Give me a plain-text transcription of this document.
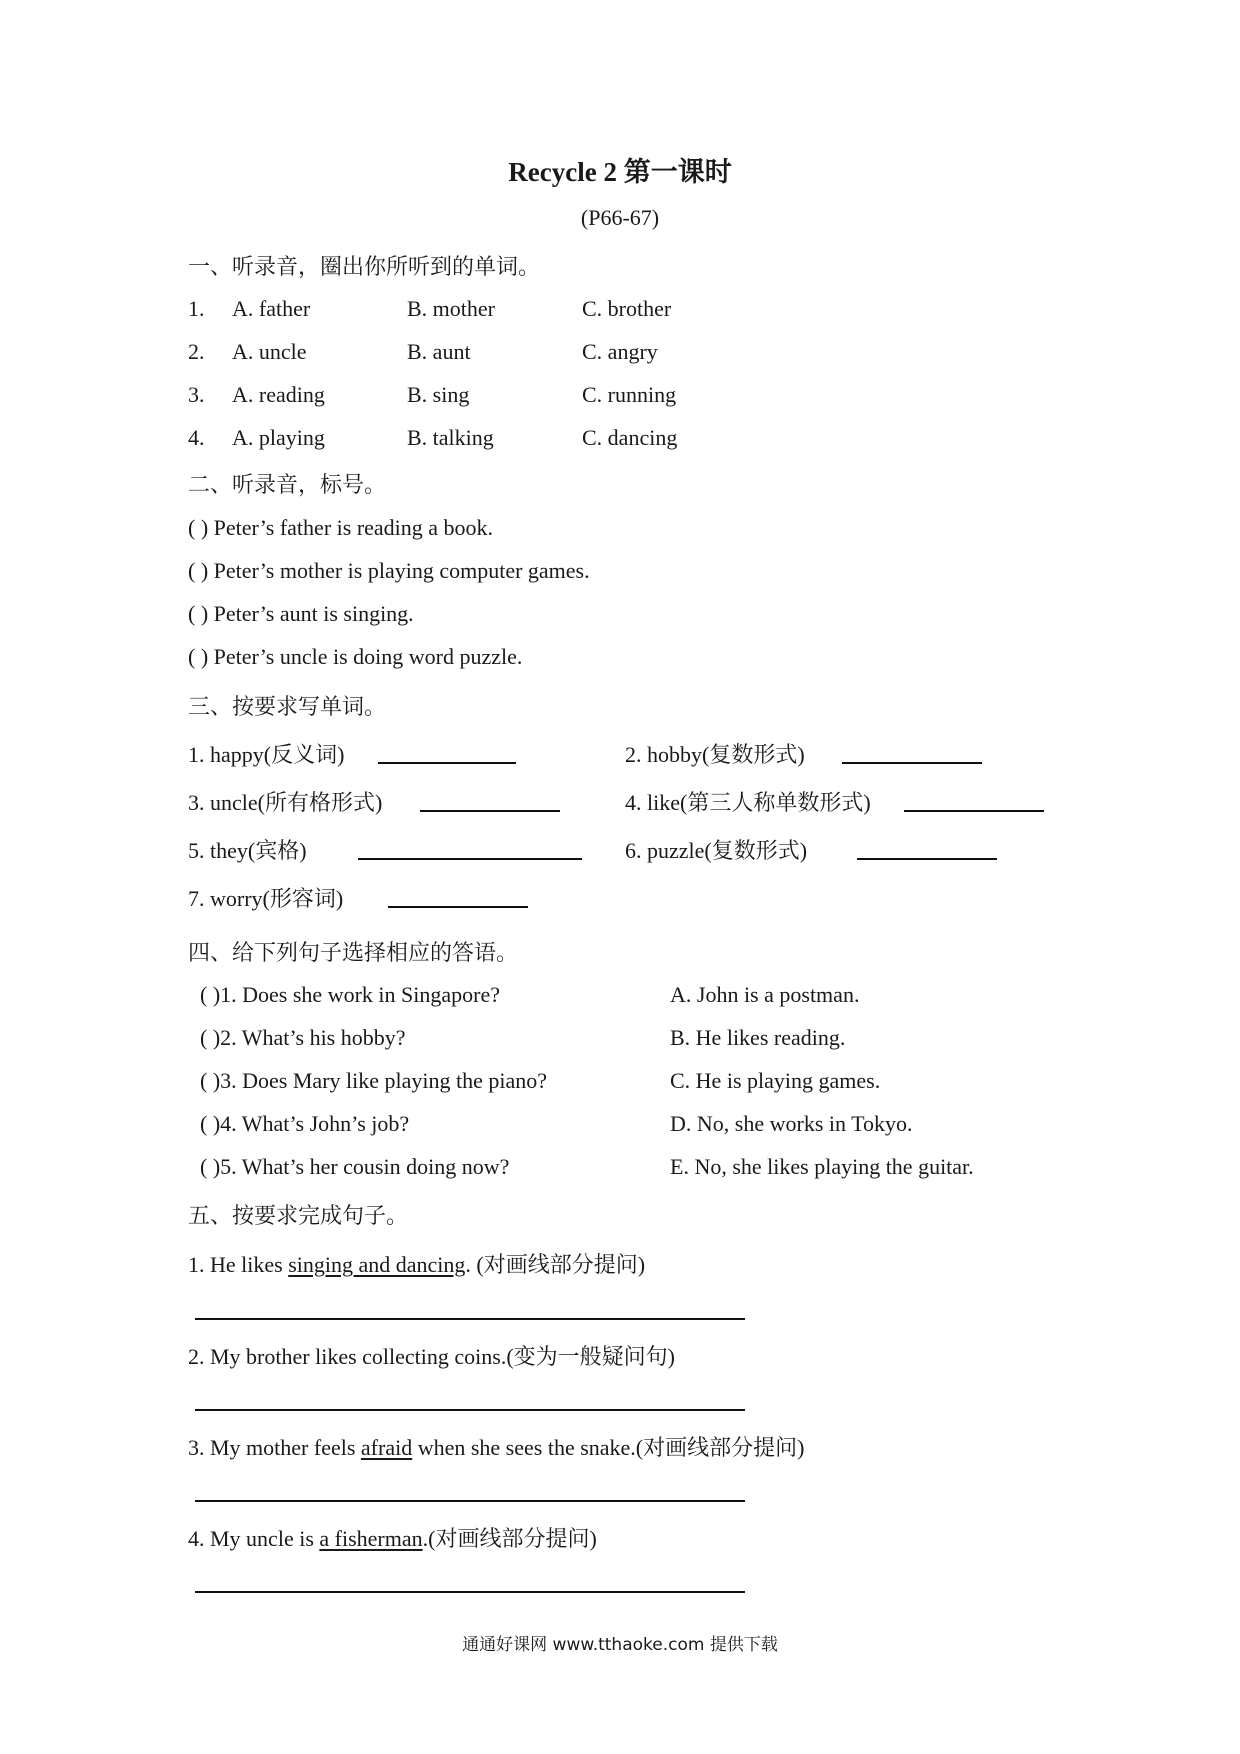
Recycle 2 第一课时
(P66-67)
一、听录音，圈出你所听到的单词。
1. A. father	B. mother	C. brother
2. A. uncle	B. aunt	C. angry
3. A. reading	B. sing	C. running
4. A. playing	B. talking	C. dancing
二、听录音，标号。
( ) Peter’s father is reading a book.
( ) Peter’s mother is playing computer games.
( ) Peter’s aunt is singing.
( ) Peter’s uncle is doing word puzzle.
三、按要求写单词。
1. happy(反义词)	2. hobby(复数形式)
3. uncle(所有格形式)	4. like(第三人称单数形式)
5. they(宾格)	6. puzzle(复数形式)
7. worry(形容词)
四、给下列句子选择相应的答语。
( )1. Does she work in Singapore?	A. John is a postman.
( )2. What’s his hobby?	B. He likes reading.
( )3. Does Mary like playing the piano?	C. He is playing games.
( )4. What’s John’s job?	D. No, she works in Tokyo.
( )5. What’s her cousin doing now?	E. No, she likes playing the guitar.
五、按要求完成句子。
1. He likes singing and dancing. (对画线部分提问)
2. My brother likes collecting coins.(变为一般疑问句)
3. My mother feels afraid when she sees the snake.(对画线部分提问)
4. My uncle is a fisherman.(对画线部分提问)
通通好课网 www.tthaoke.com 提供下载
